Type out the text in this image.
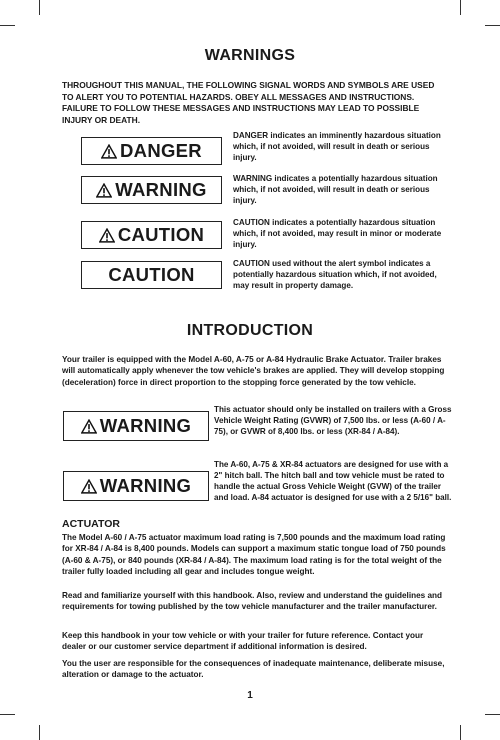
WARNINGS
THROUGHOUT THIS MANUAL, THE FOLLOWING SIGNAL WORDS AND SYMBOLS ARE USED TO ALERT YOU TO POTENTIAL HAZARDS. OBEY ALL MESSAGES AND INSTRUCTIONS. FAILURE TO FOLLOW THESE MESSAGES AND INSTRUCTIONS MAY LEAD TO POSSIBLE INJURY OR DEATH.
DANGER
DANGER indicates an imminently hazardous situation which, if not avoided, will result in death or serious injury.
WARNING
WARNING indicates a potentially hazardous situation which, if not avoided, will result in death or serious injury.
CAUTION
CAUTION indicates a potentially hazardous situation which, if not avoided, may result in minor or moderate injury.
CAUTION
CAUTION used without the alert symbol indicates a potentially hazardous situation which, if not avoided, may result in property damage.
INTRODUCTION
Your trailer is equipped with the Model A-60, A-75 or A-84 Hydraulic Brake Actuator. Trailer brakes will automatically apply whenever the tow vehicle's brakes are applied. They will develop stopping (deceleration) force in direct proportion to the stopping force generated by the tow vehicle.
WARNING
This actuator should only be installed on trailers with a Gross Vehicle Weight Rating (GVWR) of 7,500 lbs. or less (A-60 / A-75), or GVWR of 8,400 lbs. or less (XR-84 / A-84).
WARNING
The A-60, A-75 & XR-84 actuators are designed for use with a 2" hitch ball. The hitch ball and tow vehicle must be rated to handle the actual Gross Vehicle Weight (GVW) of the trailer and load. A-84 actuator is designed for use with a 2 5/16" ball.
ACTUATOR
The Model A-60 / A-75 actuator maximum load rating is 7,500 pounds and the maximum load rating for XR-84 / A-84 is 8,400 pounds. Models can support a maximum static tongue load of 750 pounds (A-60 & A-75), or 840 pounds (XR-84 / A-84). The maximum load rating is for the total weight of the trailer fully loaded including all gear and includes tongue weight.
Read and familiarize yourself with this handbook. Also, review and understand the guidelines and requirements for towing published by the tow vehicle manufacturer and the trailer manufacturer.
Keep this handbook in your tow vehicle or with your trailer for future reference. Contact your dealer or our customer service department if additional information is desired.
You the user are responsible for the consequences of inadequate maintenance, deliberate misuse, alteration or damage to the actuator.
1
